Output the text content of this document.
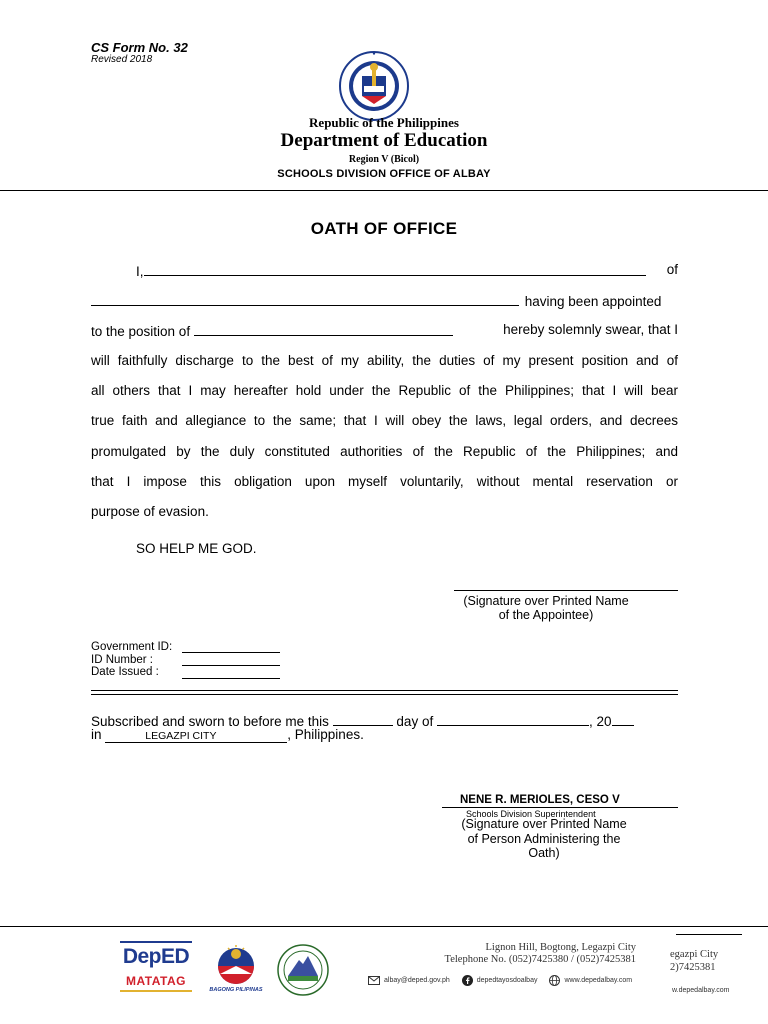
CS Form No. 32
Revised 2018
Republic of the Philippines
Department of Education
Region V (Bicol)
SCHOOLS DIVISION OFFICE OF ALBAY
OATH OF OFFICE
I,	of
having been appointed
to the position of	hereby solemnly swear, that I
will faithfully discharge to the best of my ability, the duties of my present position and of
all others that I may hereafter hold under the Republic of the Philippines; that I will bear
true faith and allegiance to the same; that I will obey the laws, legal orders, and decrees
promulgated by the duly constituted authorities of the Republic of the Philippines; and
that I impose this obligation upon myself voluntarily, without mental reservation or
purpose of evasion.
SO HELP ME GOD.
(Signature over Printed Name
of the Appointee)
Government ID:
ID Number :
Date Issued :
Subscribed and sworn to before me this	day of	, 20
in	LEGAZPI CITY	, Philippines.
NENE R. MERIOLES, CESO V
Schools Division Superintendent
(Signature over Printed Name
of Person Administering the
Oath)
DepED
MATATAG
BAGONG PILIPINAS
Lignon Hill, Bogtong, Legazpi City
Telephone No. (052)7425380 / (052)7425381
albay@deped.gov.ph	depedtayosdoalbay	www.depedalbay.com
egazpi City
2)7425381
w.depedalbay.com
